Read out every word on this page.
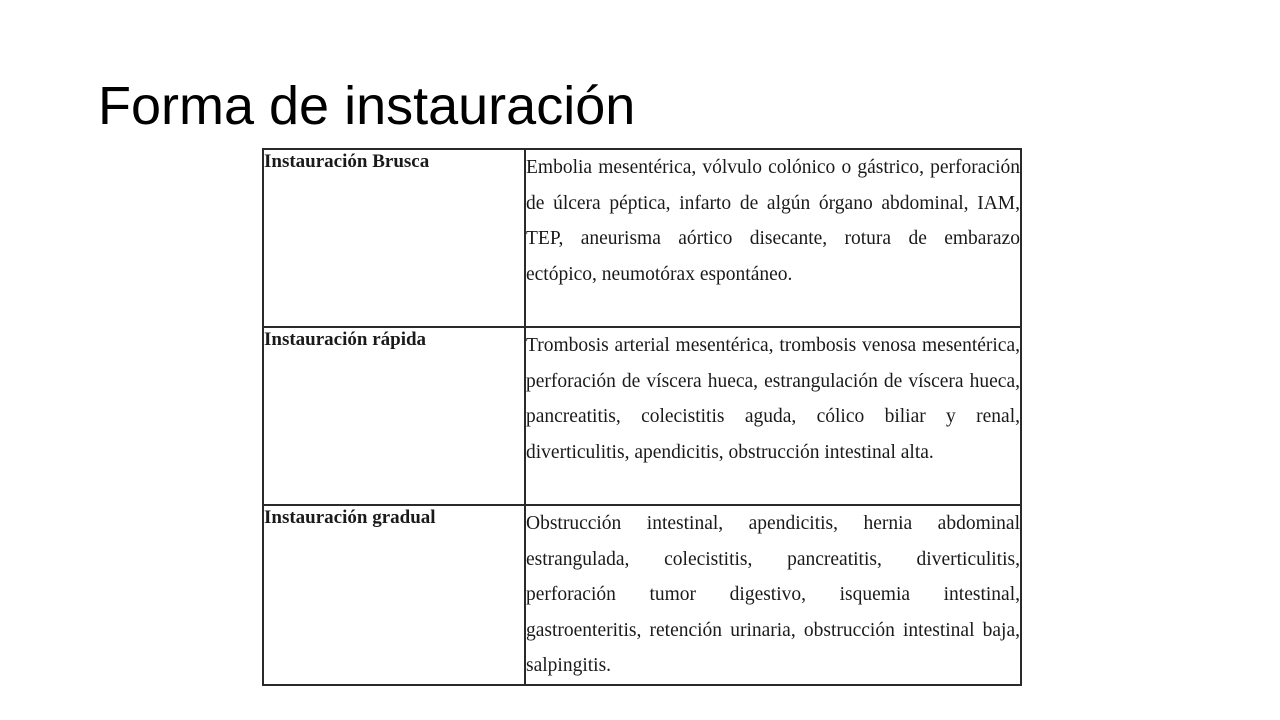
Forma de instauración
Instauración Brusca	Embolia mesentérica, vólvulo colónico o gástrico, perforación de úlcera péptica, infarto de algún órgano abdominal, IAM, TEP, aneurisma aórtico disecante, rotura de embarazo ectópico, neumotórax espontáneo.

Instauración rápida	Trombosis arterial mesentérica, trombosis venosa mesentérica, perforación de víscera hueca, estrangulación de víscera hueca, pancreatitis, colecistitis aguda, cólico biliar y renal, diverticulitis, apendicitis, obstrucción intestinal alta.

Instauración gradual	Obstrucción intestinal, apendicitis, hernia abdominal estrangulada, colecistitis, pancreatitis, diverticulitis, perforación tumor digestivo, isquemia intestinal, gastroenteritis, retención urinaria, obstrucción intestinal baja, salpingitis.
